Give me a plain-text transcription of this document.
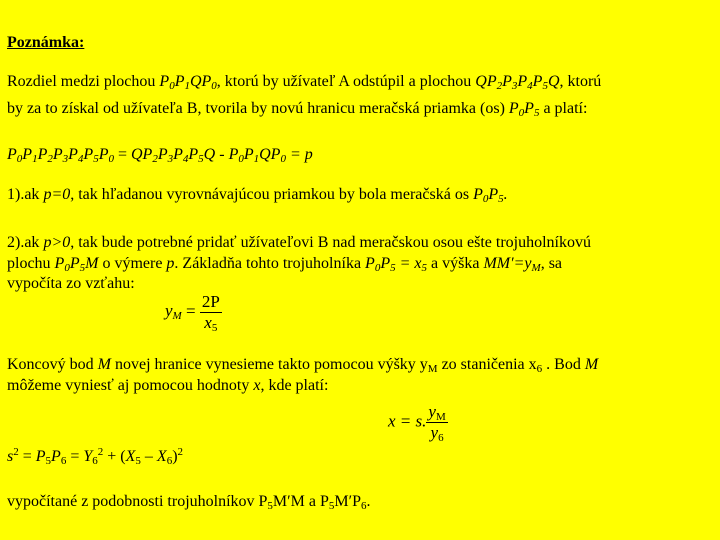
Poznámka:
Rozdiel medzi plochou $P_0P_1QP_0$, ktorú by užívateľ A odstúpil a plochou $QP_2P_3P_4P_5Q$, ktorú
by za to získal od užívateľa B, tvorila by novú hranicu meračská priamka (os) $P_0P_5$ a platí:
$P_0P_1P_2P_3P_4P_5P_0 = QP_2P_3P_4P_5Q - P_0P_1QP_0 = p$
1).ak p=0, tak hľadanou vyrovnávajúcou priamkou by bola meračská os $P_0P_5$.
2).ak p>0, tak bude potrebné pridať užívateľovi B nad meračskou osou ešte trojuholníkovú
plochu $P_0P_5M$ o výmere p. Základňa tohto trojuholníka $P_0P_5 = x_5$ a výška $MM'=y_M$, sa
vypočíta zo vzťahu:
$y_M = \frac{2P}{x_5}$
Koncový bod M novej hranice vynesieme takto pomocou výšky $y_M$ zo staničenia $x_6$ . Bod M
môžeme vyniesť aj pomocou hodnoty x, kde platí:
x = s. $\frac{y_M}{y_6}$
$s^2 = P_5P_6 = Y_6^2 + (X_5 - X_6)^2$
vypočítané z podobnosti trojuholníkov $P_5M'M$ a $P_5M'P_6$.
